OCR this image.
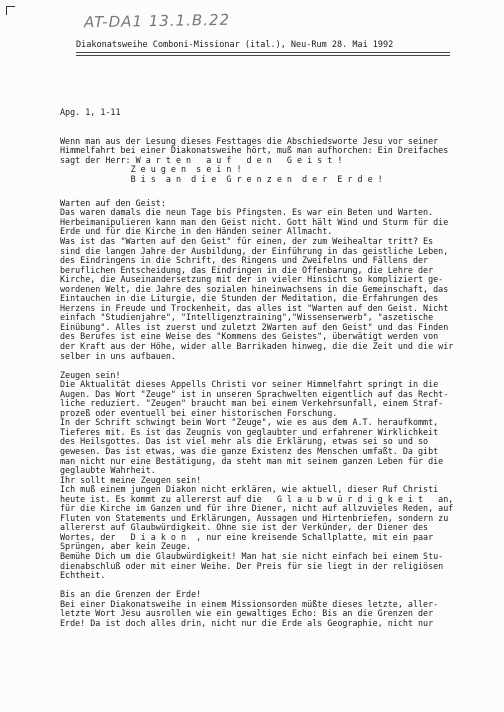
AT-DA1 13.1.B.22
Diakonatsweihe Comboni-Missionar (ital.), Neu-Rum 28. Mai 1992
Apg. 1, 1-11
Wenn man aus der Lesung dieses Festtages die Abschiedsworte Jesu vor seiner
Himmelfahrt bei einer Diakonatsweihe hört, muß man aufhorchen: Ein Dreifaches
sagt der Herr: W a r t e n   a u f   d e n   G e i s t !
Z e u g e n  s e i n !
B i s  a n  d i e  G r e n z e n  d e r  E r d e !
Warten auf den Geist:
Das waren damals die neun Tage bis Pfingsten. Es war ein Beten und Warten.
Herbeimanipulieren kann man den Geist nicht. Gott hält Wind und Sturm für die
Erde und für die Kirche in den Händen seiner Allmacht.
Was ist das "Warten auf den Geist" für einen, der zum Weihealtar tritt? Es
sind die langen Jahre der Ausbildung, der Einführung in das geistliche Leben,
des Eindringens in die Schrift, des Ringens und Zweifelns und Fällens der
beruflichen Entscheidung, das Eindringen in die Offenbarung, die Lehre der
Kirche, die Auseinandersetzung mit der in vieler Hinsicht so kompliziert ge-
wordenen Welt, die Jahre des sozialen hineinwachsens in die Gemeinschaft, das
Eintauchen in die Liturgie, die Stunden der Meditation, die Erfahrungen des
Herzens in Freude und Trockenheit, das alles ist "Warten auf den Geist. Nicht
einfach "Studienjahre", "Intelligenztraining","Wissenserwerb", "aszetische
Einübung". Alles ist zuerst und zuletzt 2Warten auf den Geist" und das Finden
des Berufes ist eine Weise des "Kommens des Geistes", überwätigt werden von
der Kraft aus der Höhe, wider alle Barrikaden hinweg, die die Zeit und die wir
selber in uns aufbauen.
Zeugen sein!
Die Aktualität dieses Appells Christi vor seiner Himmelfahrt springt in die
Augen. Das Wort "Zeuge" ist in unseren Sprachwelten eigentlich auf das Recht-
liche reduziert. "Zeugen" braucht man bei einem Verkehrsunfall, einem Straf-
prozeß oder eventuell bei einer historischen Forschung.
In der Schrift schwingt beim Wort "Zeuge", wie es aus dem A.T. heraufkommt,
Tieferes mit. Es ist das Zeugnis von geglaubter und erfahrener Wirklichkeit
des Heilsgottes. Das ist viel mehr als die Erklärung, etwas sei so und so
gewesen. Das ist etwas, was die ganze Existenz des Menschen umfaßt. Da gibt
man nicht nur eine Bestätigung, da steht man mit seinem ganzen Leben für die
geglaubte Wahrheit.
Ihr sollt meine Zeugen sein!
Ich muß einem jungen Diakon nicht erklären, wie aktuell, dieser Ruf Christi
heute ist. Es kommt zu allererst auf die   G l a u b w ü r d i g k e i t   an,
für die Kirche im Ganzen und für ihre Diener, nicht auf allzuvieles Reden, auf
Fluten von Statements und Erklärungen, Aussagen und Hirtenbriefen, sondern zu
allererst auf Glaubwürdigkeit. Ohne sie ist der Verkünder, der Diener des
Wortes, der   D i a k o n  , nur eine kreisende Schallplatte, mit ein paar
Sprüngen, aber kein Zeuge.
Bemühe Dich um die Glaubwürdigkeit! Man hat sie nicht einfach bei einem Stu-
dienabschluß oder mit einer Weihe. Der Preis für sie liegt in der religiösen
Echtheit.
Bis an die Grenzen der Erde!
Bei einer Diakonatsweihe in einem Missionsorden müßte dieses letzte, aller-
letzte Wort Jesu ausrollen wie ein gewaltiges Echo: Bis an die Grenzen der
Erde! Da ist doch alles drin, nicht nur die Erde als Geographie, nicht nur
